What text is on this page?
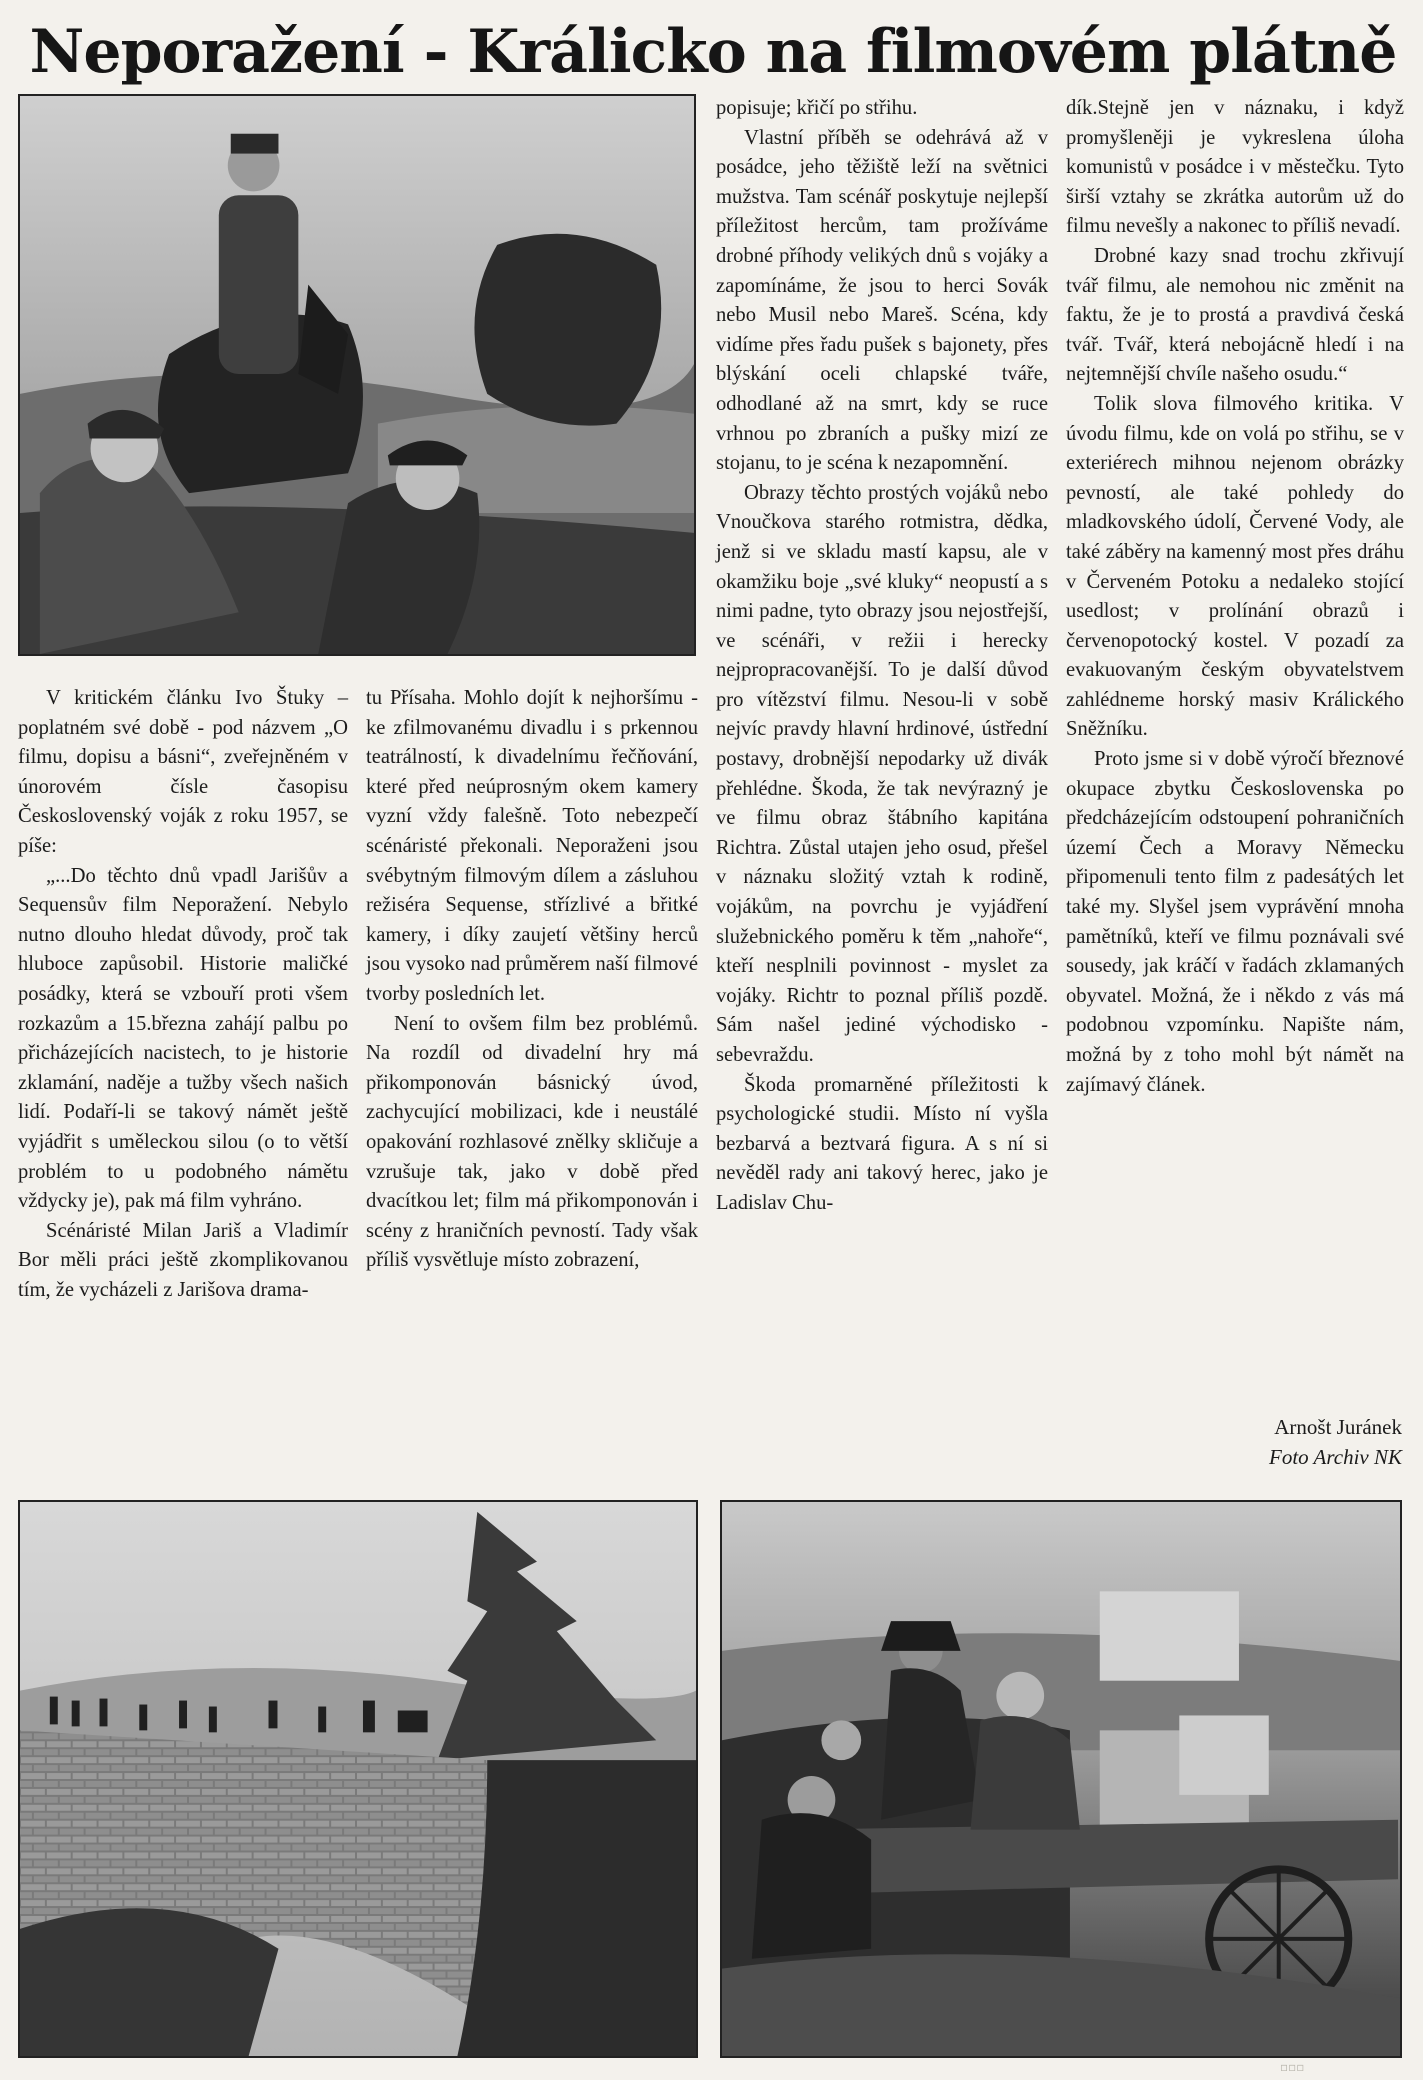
Neporažení - Králicko na filmovém plátně

V kritickém článku Ivo Štuky – poplatném své době - pod názvem „O filmu, dopisu a básni“, zveřejněném v únorovém čísle časopisu Československý voják z roku 1957, se píše:

„...Do těchto dnů vpadl Jarišův a Sequensův film Neporažení. Nebylo nutno dlouho hledat důvody, proč tak hluboce zapůsobil. Historie maličké posádky, která se vzbouří proti všem rozkazům a 15.března zahájí palbu po přicházejících nacistech, to je historie zklamání, naděje a tužby všech našich lidí. Podaří-li se takový námět ještě vyjádřit s uměleckou silou (o to větší problém to u podobného námětu vždycky je), pak má film vyhráno.

Scénáristé Milan Jariš a Vladimír Bor měli práci ještě zkomplikovanou tím, že vycházeli z Jarišova drama-

tu Přísaha. Mohlo dojít k nejhoršímu - ke zfilmovanému divadlu i s prkennou teatrálností, k divadelnímu řečňování, které před neúprosným okem kamery vyzní vždy falešně. Toto nebezpečí scénáristé překonali. Neporaženi jsou svébytným filmovým dílem a zásluhou režiséra Sequense, střízlivé a břitké kamery, i díky zaujetí většiny herců jsou vysoko nad průměrem naší filmové tvorby posledních let.

Není to ovšem film bez problémů. Na rozdíl od divadelní hry má přikomponován básnický úvod, zachycující mobilizaci, kde i neustálé opakování rozhlasové znělky skličuje a vzrušuje tak, jako v době před dvacítkou let; film má přikomponován i scény z hraničních pevností. Tady však příliš vysvětluje místo zobrazení,

popisuje; křičí po střihu.

Vlastní příběh se odehrává až v posádce, jeho těžiště leží na světnici mužstva. Tam scénář poskytuje nejlepší příležitost hercům, tam prožíváme drobné příhody velikých dnů s vojáky a zapomínáme, že jsou to herci Sovák nebo Musil nebo Mareš. Scéna, kdy vidíme přes řadu pušek s bajonety, přes blýskání oceli chlapské tváře, odhodlané až na smrt, kdy se ruce vrhnou po zbraních a pušky mizí ze stojanu, to je scéna k nezapomnění.

Obrazy těchto prostých vojáků nebo Vnoučkova starého rotmistra, dědka, jenž si ve skladu mastí kapsu, ale v okamžiku boje „své kluky“ neopustí a s nimi padne, tyto obrazy jsou nejostřejší, ve scénáři, v režii i herecky nejpropracovanější. To je další důvod pro vítězství filmu. Nesou-li v sobě nejvíc pravdy hlavní hrdinové, ústřední postavy, drobnější nepodarky už divák přehlédne. Škoda, že tak nevýrazný je ve filmu obraz štábního kapitána Richtra. Zůstal utajen jeho osud, přešel v náznaku složitý vztah k rodině, vojákům, na povrchu je vyjádření služebnického poměru k těm „nahoře“, kteří nesplnili povinnost - myslet za vojáky. Richtr to poznal příliš pozdě. Sám našel jediné východisko - sebevraždu.

Škoda promarněné příležitosti k psychologické studii. Místo ní vyšla bezbarvá a beztvará figura. A s ní si nevěděl rady ani takový herec, jako je Ladislav Chu-

dík.Stejně jen v náznaku, i když promyšleněji je vykreslena úloha komunistů v posádce i v městečku. Tyto širší vztahy se zkrátka autorům už do filmu nevešly a nakonec to příliš nevadí.

Drobné kazy snad trochu zkřivují tvář filmu, ale nemohou nic změnit na faktu, že je to prostá a pravdivá česká tvář. Tvář, která nebojácně hledí i na nejtemnější chvíle našeho osudu.“

Tolik slova filmového kritika. V úvodu filmu, kde on volá po střihu, se v exteriérech mihnou nejenom obrázky pevností, ale také pohledy do mladkovského údolí, Červené Vody, ale také záběry na kamenný most přes dráhu v Červeném Potoku a nedaleko stojící usedlost; v prolínání obrazů i červenopotocký kostel. V pozadí za evakuovaným českým obyvatelstvem zahlédneme horský masiv Králického Sněžníku.

Proto jsme si v době výročí březnové okupace zbytku Československa po předcházejícím odstoupení pohraničních území Čech a Moravy Německu připomenuli tento film z padesátých let také my. Slyšel jsem vyprávění mnoha pamětníků, kteří ve filmu poznávali své sousedy, jak kráčí v řadách zklamaných obyvatel. Možná, že i někdo z vás má podobnou vzpomínku. Napište nám, možná by z toho mohl být námět na zajímavý článek.

Arnošt Juránek
Foto Archiv NK
▫▫▫
